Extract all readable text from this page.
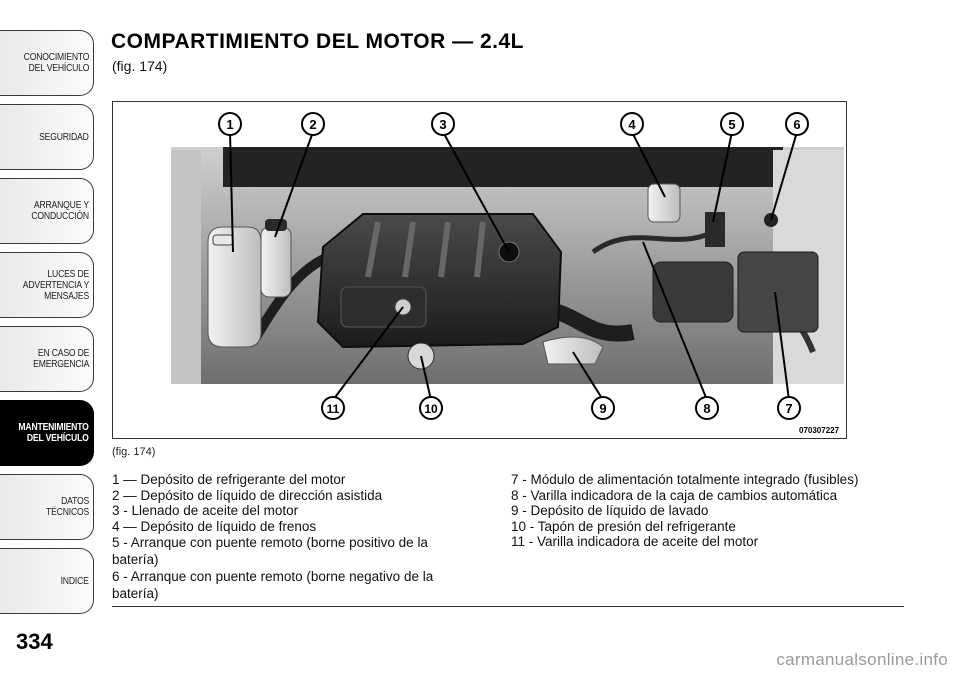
CONOCIMIENTO
DEL VEHÍCULO
SEGURIDAD
ARRANQUE Y
CONDUCCIÓN
LUCES DE
ADVERTENCIA Y
MENSAJES
EN CASO DE
EMERGENCIA
MANTENIMIENTO
DEL VEHÍCULO
DATOS
TÉCNICOS
INDICE
334
COMPARTIMIENTO DEL MOTOR — 2.4L
(fig. 174)
1	2	3	4	5	6
11	10	9	8	7
070307227
(fig. 174)
1 — Depósito de refrigerante del motor
2 — Depósito de líquido de dirección asistida
3 - Llenado de aceite del motor
4 — Depósito de líquido de frenos
5 - Arranque con puente remoto (borne positivo de la batería)
6 - Arranque con puente remoto (borne negativo de la batería)
7 - Módulo de alimentación totalmente integrado (fusibles)
8 - Varilla indicadora de la caja de cambios automática
9 - Depósito de líquido de lavado
10 - Tapón de presión del refrigerante
11 - Varilla indicadora de aceite del motor
carmanualsonline.info
